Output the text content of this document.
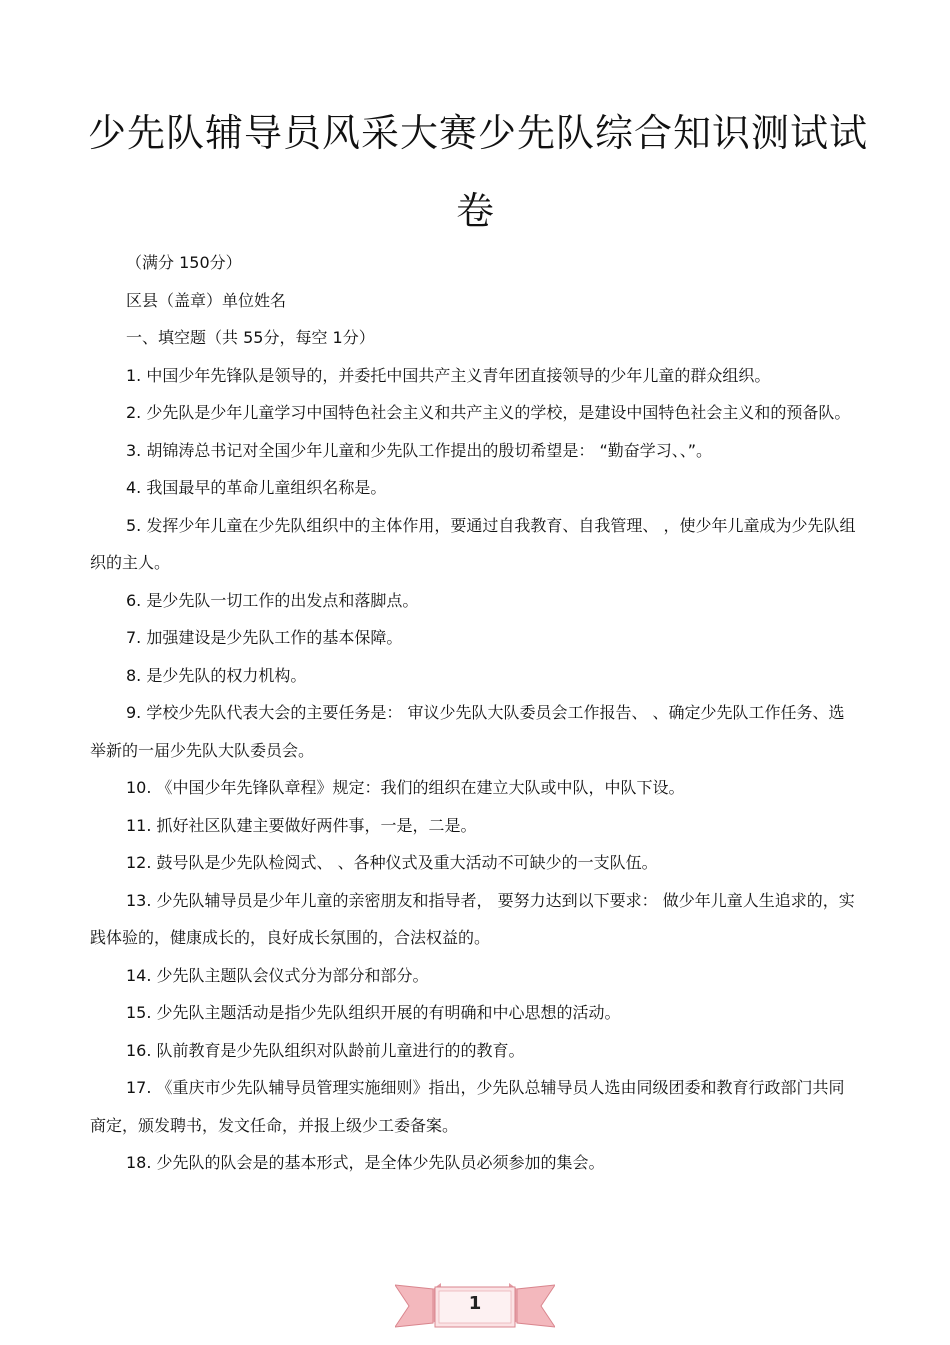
少先队辅导员风采大赛少先队综合知识测试试
卷

（满分 150分）

区县（盖章）单位姓名

一、填空题（共 55分，每空 1分）

1. 中国少年先锋队是领导的，并委托中国共产主义青年团直接领导的少年儿童的群众组织。

2. 少先队是少年儿童学习中国特色社会主义和共产主义的学校，是建设中国特色社会主义和的预备队。

3. 胡锦涛总书记对全国少年儿童和少先队工作提出的殷切希望是： “勤奋学习、、”。

4. 我国最早的革命儿童组织名称是。

5. 发挥少年儿童在少先队组织中的主体作用，要通过自我教育、自我管理、 ，使少年儿童成为少先队组织的主人。

6. 是少先队一切工作的出发点和落脚点。

7. 加强建设是少先队工作的基本保障。

8. 是少先队的权力机构。

9. 学校少先队代表大会的主要任务是： 审议少先队大队委员会工作报告、 、确定少先队工作任务、选举新的一届少先队大队委员会。

10. 《中国少年先锋队章程》规定：我们的组织在建立大队或中队，中队下设。

11. 抓好社区队建主要做好两件事，一是，二是。

12. 鼓号队是少先队检阅式、 、各种仪式及重大活动不可缺少的一支队伍。

13. 少先队辅导员是少年儿童的亲密朋友和指导者， 要努力达到以下要求： 做少年儿童人生追求的，实践体验的，健康成长的，良好成长氛围的，合法权益的。

14. 少先队主题队会仪式分为部分和部分。

15. 少先队主题活动是指少先队组织开展的有明确和中心思想的活动。

16. 队前教育是少先队组织对队龄前儿童进行的的教育。

17. 《重庆市少先队辅导员管理实施细则》指出，少先队总辅导员人选由同级团委和教育行政部门共同商定，颁发聘书，发文任命，并报上级少工委备案。

18. 少先队的队会是的基本形式，是全体少先队员必须参加的集会。

1
